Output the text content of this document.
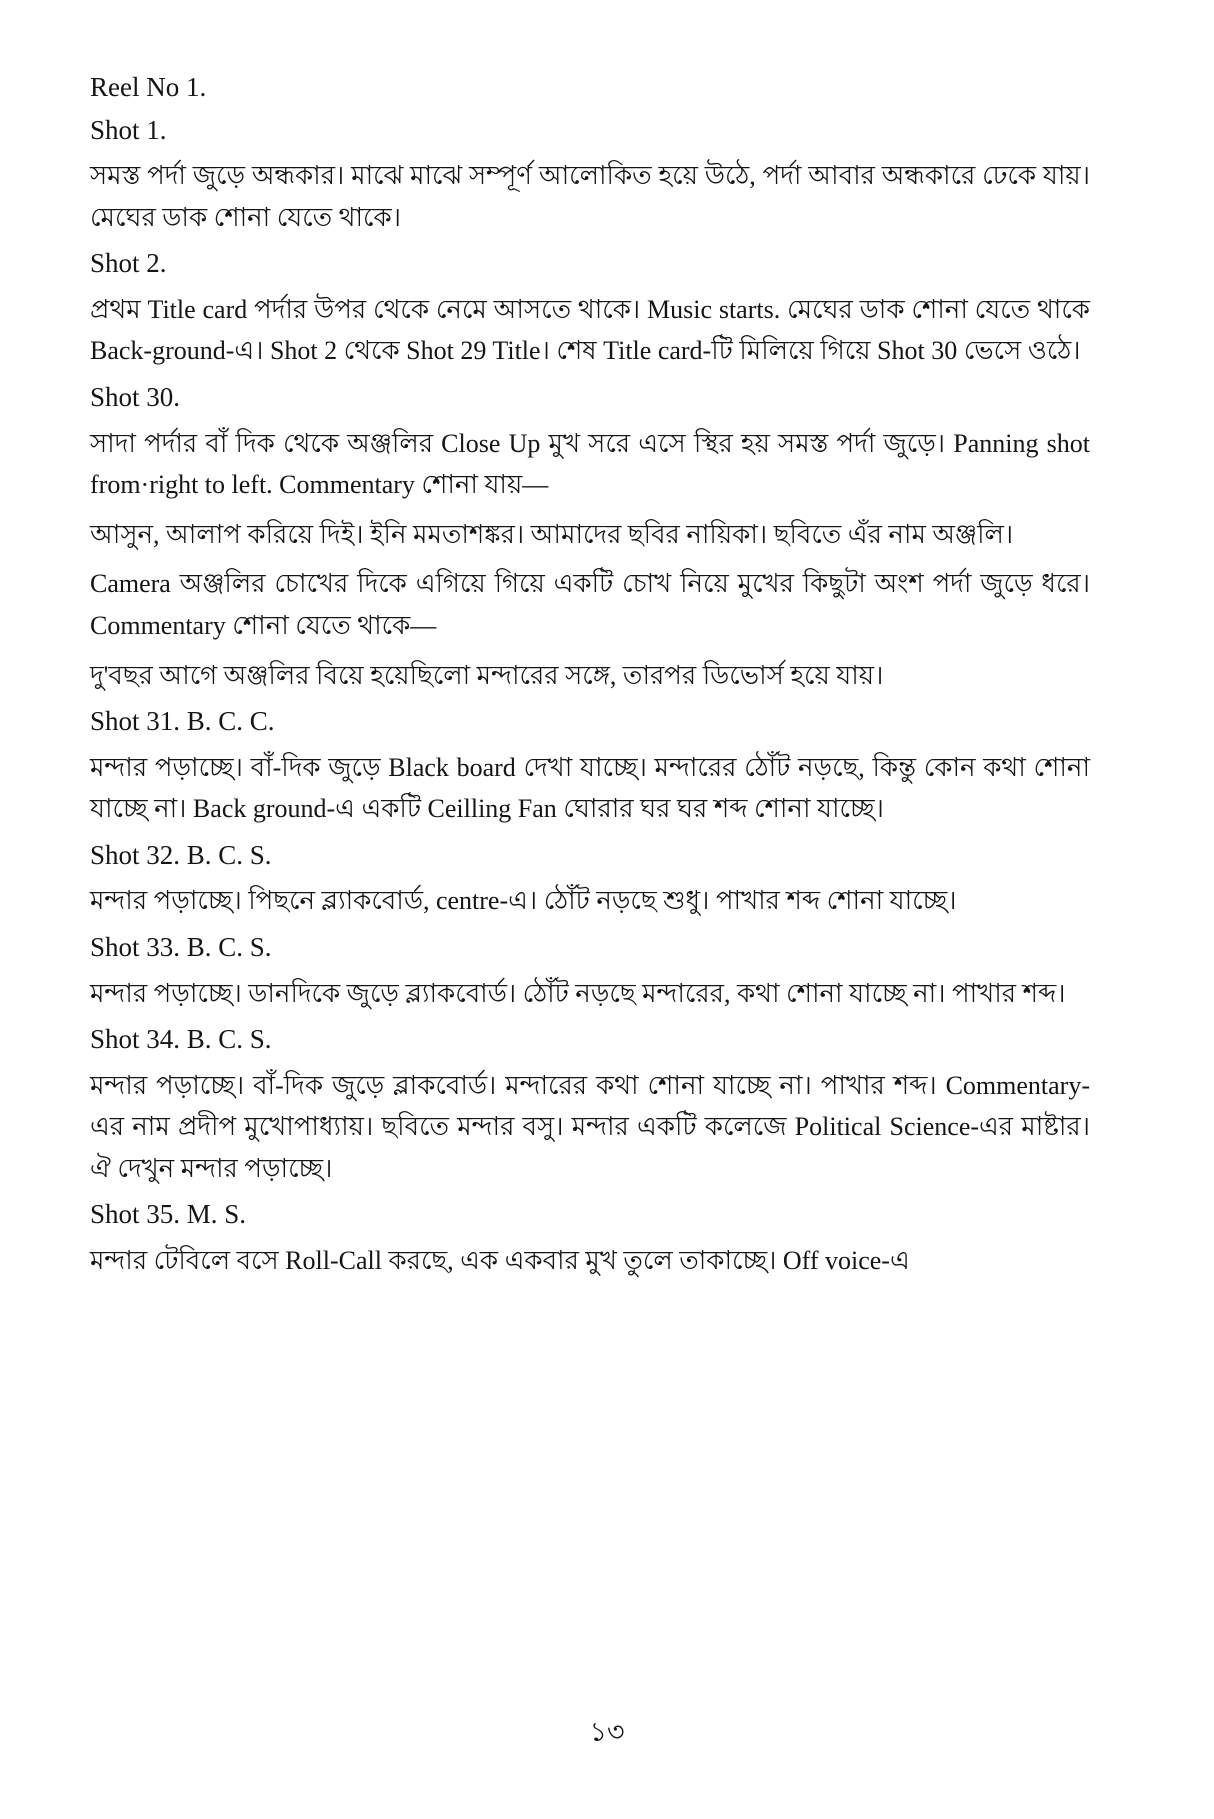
Reel No 1.
Shot 1.
সমস্ত পর্দা জুড়ে অন্ধকার। মাঝে মাঝে সম্পূর্ণ আলোকিত হয়ে উঠে, পর্দা আবার অন্ধকারে ঢেকে যায়। মেঘের ডাক শোনা যেতে থাকে।
Shot 2.
প্রথম Title card পর্দার উপর থেকে নেমে আসতে থাকে। Music starts. মেঘের ডাক শোনা যেতে থাকে Back-ground-এ। Shot 2 থেকে Shot 29 Title। শেষ Title card-টি মিলিয়ে গিয়ে Shot 30 ভেসে ওঠে।
Shot 30.
সাদা পর্দার বাঁ দিক থেকে অঞ্জলির Close Up মুখ সরে এসে স্থির হয় সমস্ত পর্দা জুড়ে। Panning shot from·right to left. Commentary শোনা যায়—
আসুন, আলাপ করিয়ে দিই। ইনি মমতাশঙ্কর। আমাদের ছবির নায়িকা। ছবিতে এঁর নাম অঞ্জলি।
Camera অঞ্জলির চোখের দিকে এগিয়ে গিয়ে একটি চোখ নিয়ে মুখের কিছুটা অংশ পর্দা জুড়ে ধরে। Commentary শোনা যেতে থাকে—
দু'বছর আগে অঞ্জলির বিয়ে হয়েছিলো মন্দারের সঙ্গে, তারপর ডিভোর্স হয়ে যায়।
Shot 31. B. C. C.
মন্দার পড়াচ্ছে। বাঁ-দিক জুড়ে Black board দেখা যাচ্ছে। মন্দারের ঠোঁট নড়ছে, কিন্তু কোন কথা শোনা যাচ্ছে না। Back ground-এ একটি Ceilling Fan ঘোরার ঘর ঘর শব্দ শোনা যাচ্ছে।
Shot 32. B. C. S.
মন্দার পড়াচ্ছে। পিছনে ব্ল্যাকবোর্ড, centre-এ। ঠোঁট নড়ছে শুধু। পাখার শব্দ শোনা যাচ্ছে।
Shot 33. B. C. S.
মন্দার পড়াচ্ছে। ডানদিকে জুড়ে ব্ল্যাকবোর্ড। ঠোঁট নড়ছে মন্দারের, কথা শোনা যাচ্ছে না। পাখার শব্দ।
Shot 34. B. C. S.
মন্দার পড়াচ্ছে। বাঁ-দিক জুড়ে ব্লাকবোর্ড। মন্দারের কথা শোনা যাচ্ছে না। পাখার শব্দ। Commentary-এর নাম প্রদীপ মুখোপাধ্যায়। ছবিতে মন্দার বসু। মন্দার একটি কলেজে Political Science-এর মাষ্টার। ঐ দেখুন মন্দার পড়াচ্ছে।
Shot 35. M. S.
মন্দার টেবিলে বসে Roll-Call করছে, এক একবার মুখ তুলে তাকাচ্ছে। Off voice-এ
১৩
